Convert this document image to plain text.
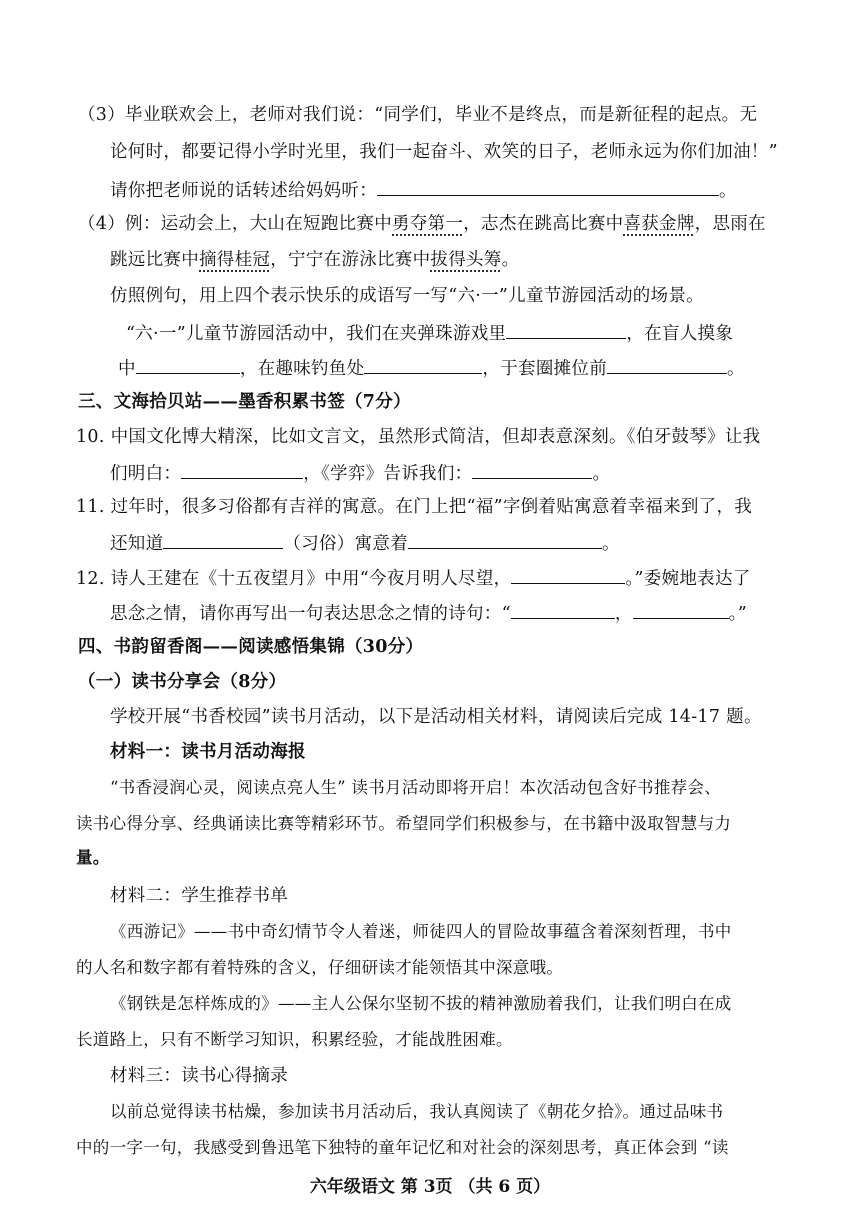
（3）毕业联欢会上，老师对我们说：“同学们，毕业不是终点，而是新征程的起点。无
论何时，都要记得小学时光里，我们一起奋斗、欢笑的日子，老师永远为你们加油！”
请你把老师说的话转述给妈妈听：	。
（4）例：运动会上，大山在短跑比赛中勇夺第一，志杰在跳高比赛中喜获金牌，思雨在
跳远比赛中摘得桂冠，宁宁在游泳比赛中拔得头筹。
仿照例句，用上四个表示快乐的成语写一写“六·一”儿童节游园活动的场景。
“六·一”儿童节游园活动中，我们在夹弹珠游戏里	，在盲人摸象
中	，在趣味钓鱼处	，于套圈摊位前	。
三、文海拾贝站——墨香积累书签（7分）
10. 中国文化博大精深，比如文言文，虽然形式简洁，但却表意深刻。《伯牙鼓琴》让我
们明白：	，《学弈》告诉我们：	。
11. 过年时，很多习俗都有吉祥的寓意。在门上把“福”字倒着贴寓意着幸福来到了，我
还知道	（习俗）寓意着	。
12. 诗人王建在《十五夜望月》中用“今夜月明人尽望，	。”委婉地表达了
思念之情，请你再写出一句表达思念之情的诗句：“	，	。”
四、书韵留香阁——阅读感悟集锦（30分）
（一）读书分享会（8分）
学校开展“书香校园”读书月活动，以下是活动相关材料，请阅读后完成 14-17 题。
材料一：读书月活动海报
“书香浸润心灵，阅读点亮人生” 读书月活动即将开启！本次活动包含好书推荐会、
读书心得分享、经典诵读比赛等精彩环节。希望同学们积极参与，在书籍中汲取智慧与力
量。
材料二：学生推荐书单
《西游记》——书中奇幻情节令人着迷，师徒四人的冒险故事蕴含着深刻哲理，书中
的人名和数字都有着特殊的含义，仔细研读才能领悟其中深意哦。
《钢铁是怎样炼成的》——主人公保尔坚韧不拔的精神激励着我们，让我们明白在成
长道路上，只有不断学习知识，积累经验，才能战胜困难。
材料三：读书心得摘录
以前总觉得读书枯燥，参加读书月活动后，我认真阅读了《朝花夕拾》。通过品味书
中的一字一句，我感受到鲁迅笔下独特的童年记忆和对社会的深刻思考，真正体会到 “读
六年级语文 第 3页 （共 6 页）
